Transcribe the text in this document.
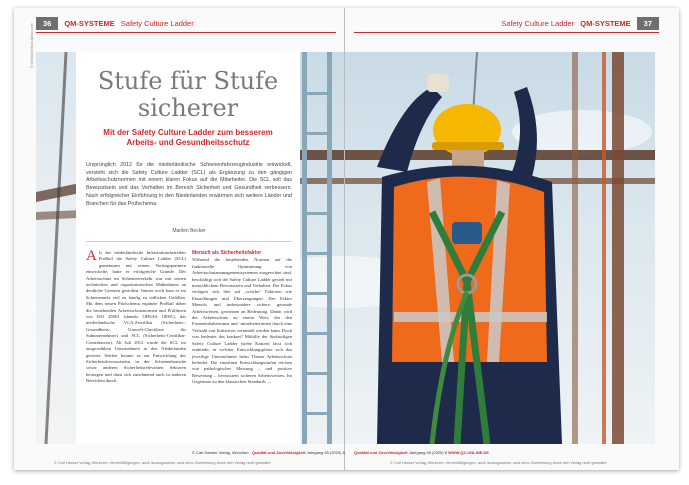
36	QM-SYSTEME Safety Culture Ladder	Safety Culture Ladder QM-SYSTEME	37
Stufe für Stufe
sicherer
Mit der Safety Culture Ladder zum besserem Arbeits- und Gesundheitsschutz
Ursprünglich 2012 für die niederländische Schienenfahrzeugindustrie entwickelt, versteht sich die Safety Culture Ladder (SCL) als Ergänzung zu den gängigen Arbeitsschutznormen mit einem klaren Fokus auf die Mitarbeiter. Die SCL soll das Bewusstsein und das Verhalten im Bereich Sicherheit und Gesundheit verbessern. Nach erfolgreicher Einführung in den Niederlanden erwärmen sich weitere Länder und Branchen für das Prüfschema.
Marilen Becker
A ls der niederländische Infrastrukturbetreiber ProRail die Safety Culture Ladder (SCL) gemeinsam mit seinen Vertragspartnern entwickelte, hatte er erfolgreiche Gründe. Der Arbeitsschutz im Schienenverkehr war mit seinen technischen und organisatorischen Maßnahmen an deutliche Grenzen gestoßen. Immer noch kam es im Schienennetz viel zu häufig zu tödlichen Unfällen. Mit dem neuen Prüfschema ergänzte ProRail daher die bestehenden Arbeitsschutznormen und Prüflinien wie ISO 45001 (damals OHSAS 18001), das niederländische VCA-Zertifikat (Sicherheits-, Gesundheits-, Umwelt-Checkliste für Subunternehmer) und SCC (Sicherheits-Certifikat-Contraktoren). Ab Juli 2012 wurde die SCL im ausgewählten Unternehmen in den Niederlanden getestet. Seither konnte es zur Entwicklung des Sicherheitsbewusstseins in der Schienenbranche sowie anderen Sicherheitsrelevanten Sektoren beitragen und dazu sich zunehmend auch in anderen Bereichen durch.
Mensch als Sicherheitsfaktor
Während die bestehenden Normen auf die funktionelle Optimierung von Arbeitsschutzmanagementsystemen ausgerichtet sind, beschäftigt sich die Safety Culture Ladder gezielt mit menschlichem Bewusstsein und Verhalten. Der Fokus verlagert sich hier auf „weiche“ Faktoren wie Einstellungen und Überzeugungen. Der Faktor Mensch, und insbesondere sichere, gesunde Arbeitsweisen, gewinnen an Bedeutung. Damit wird der Arbeitsschutz zu einem Wert, der den Firmeninhaberinnen und -mitarbeiterinnen durch eine Vielzahl von Initiativen vermittelt werden kann. Doch was bedeutet das konkret? Mithilfe der fünfstufigen Safety Culture Ladder (siehe Kasten) lässt sich ermitteln, in welcher Entwicklungsphase sich das jeweilige Unternehmen beim Thema Arbeitsschutz befindet. Die einzelnen Entwicklungsstufen reichen von pathologischer Messung – und positive Bewertung – bewusstem sicheren Arbeitsweisen. Im Gegensatz zu den klassischen Standards →
© Gehölze/Stock Adobe.com
© Carl Hanser Verlag, München Qualität und Zuverlässigkeit Jahrgang 65 (2020) 8 Qualität und Zuverlässigkeit Jahrgang 65 (2020) 8 WWW.QZ-ONLINE.DE
© Carl Hanser Verlag, München. Vervielfältigungen, auch auszugsweise, sind ohne Zustimmung durch den Verlag nicht gestattet.	© Carl Hanser Verlag, München. Vervielfältigungen, auch auszugsweise, sind ohne Zustimmung durch den Verlag nicht gestattet.
